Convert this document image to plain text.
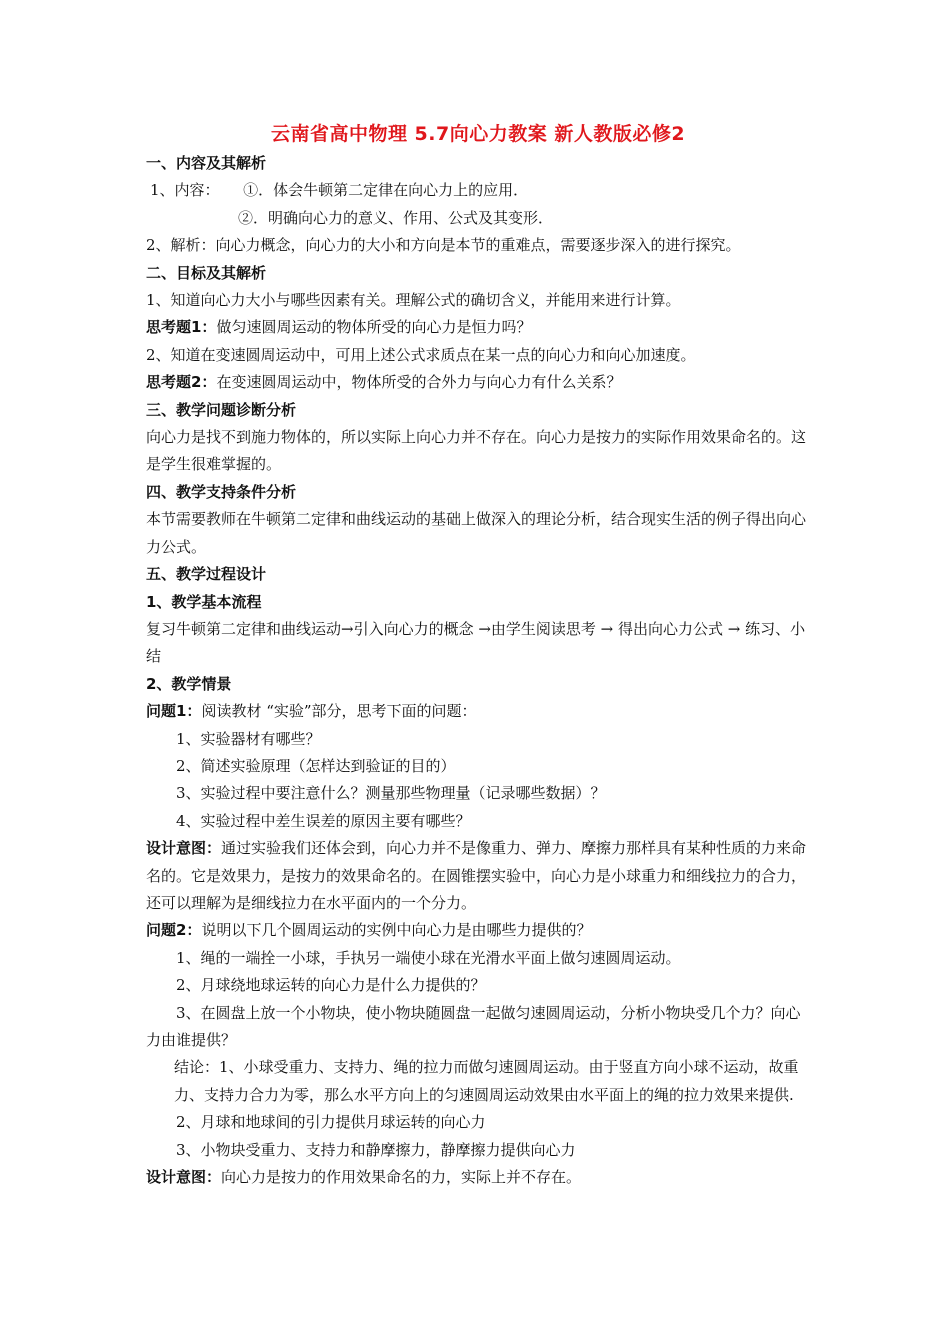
云南省高中物理 5.7向心力教案 新人教版必修2
一、内容及其解析
1、内容： ①．体会牛顿第二定律在向心力上的应用．
②．明确向心力的意义、作用、公式及其变形．
2、解析：向心力概念，向心力的大小和方向是本节的重难点，需要逐步深入的进行探究。
二、目标及其解析
1、知道向心力大小与哪些因素有关。理解公式的确切含义，并能用来进行计算。
思考题1：做匀速圆周运动的物体所受的向心力是恒力吗？
2、知道在变速圆周运动中，可用上述公式求质点在某一点的向心力和向心加速度。
思考题2：在变速圆周运动中，物体所受的合外力与向心力有什么关系？
三、教学问题诊断分析
向心力是找不到施力物体的，所以实际上向心力并不存在。向心力是按力的实际作用效果命名的。这是学生很难掌握的。
四、教学支持条件分析
本节需要教师在牛顿第二定律和曲线运动的基础上做深入的理论分析，结合现实生活的例子得出向心力公式。
五、教学过程设计
1、教学基本流程
复习牛顿第二定律和曲线运动→引入向心力的概念 →由学生阅读思考 → 得出向心力公式 → 练习、小结
2、教学情景
问题1：阅读教材 “实验”部分，思考下面的问题：
1、实验器材有哪些？
2、简述实验原理（怎样达到验证的目的）
3、实验过程中要注意什么？测量那些物理量（记录哪些数据）？
4、实验过程中差生误差的原因主要有哪些？
设计意图：通过实验我们还体会到，向心力并不是像重力、弹力、摩擦力那样具有某种性质的力来命名的。它是效果力，是按力的效果命名的。在圆锥摆实验中，向心力是小球重力和细线拉力的合力，还可以理解为是细线拉力在水平面内的一个分力。
问题2：说明以下几个圆周运动的实例中向心力是由哪些力提供的？
1、绳的一端拴一小球，手执另一端使小球在光滑水平面上做匀速圆周运动。
2、月球绕地球运转的向心力是什么力提供的？
3、在圆盘上放一个小物块，使小物块随圆盘一起做匀速圆周运动，分析小物块受几个力？向心力由谁提供？
结论：1、小球受重力、支持力、绳的拉力而做匀速圆周运动。由于竖直方向小球不运动，故重力、支持力合力为零，那么水平方向上的匀速圆周运动效果由水平面上的绳的拉力效果来提供.
2、月球和地球间的引力提供月球运转的向心力
3、小物块受重力、支持力和静摩擦力，静摩擦力提供向心力
设计意图：向心力是按力的作用效果命名的力，实际上并不存在。
